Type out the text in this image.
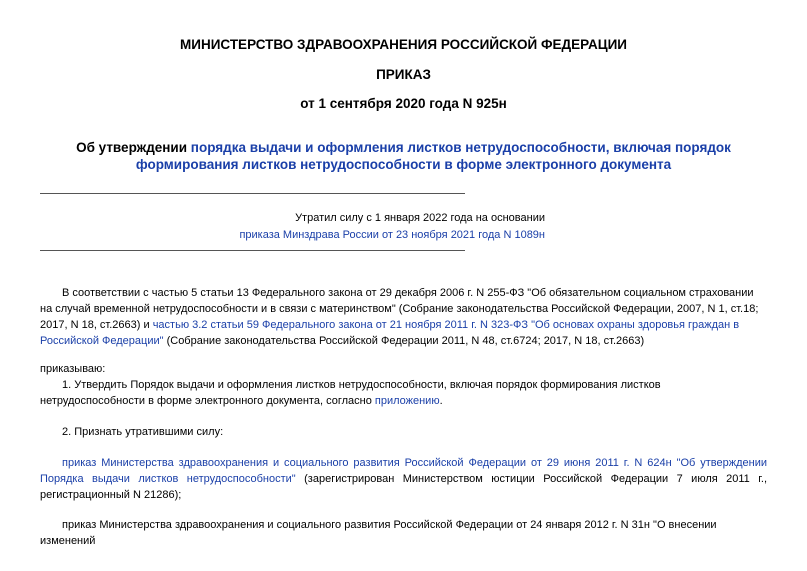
МИНИСТЕРСТВО ЗДРАВООХРАНЕНИЯ РОССИЙСКОЙ ФЕДЕРАЦИИ

ПРИКАЗ

от 1 сентября 2020 года N 925н

Об утверждении порядка выдачи и оформления листков нетрудоспособности, включая порядок формирования листков нетрудоспособности в форме электронного документа

Утратил силу с 1 января 2022 года на основании

приказа Минздрава России от 23 ноября 2021 года N 1089н

В соответствии с частью 5 статьи 13 Федерального закона от 29 декабря 2006 г. N 255-ФЗ "Об обязательном социальном страховании на случай временной нетрудоспособности и в связи с материнством" (Собрание законодательства Российской Федерации, 2007, N 1, ст.18; 2017, N 18, ст.2663) и частью 3.2 статьи 59 Федерального закона от 21 ноября 2011 г. N 323-ФЗ "Об основах охраны здоровья граждан в Российской Федерации" (Собрание законодательства Российской Федерации 2011, N 48, ст.6724; 2017, N 18, ст.2663)

приказываю:

1. Утвердить Порядок выдачи и оформления листков нетрудоспособности, включая порядок формирования листков нетрудоспособности в форме электронного документа, согласно приложению.

2. Признать утратившими силу:

приказ Министерства здравоохранения и социального развития Российской Федерации от 29 июня 2011 г. N 624н "Об утверждении Порядка выдачи листков нетрудоспособности" (зарегистрирован Министерством юстиции Российской Федерации 7 июля 2011 г., регистрационный N 21286);

приказ Министерства здравоохранения и социального развития Российской Федерации от 24 января 2012 г. N 31н "О внесении изменений
